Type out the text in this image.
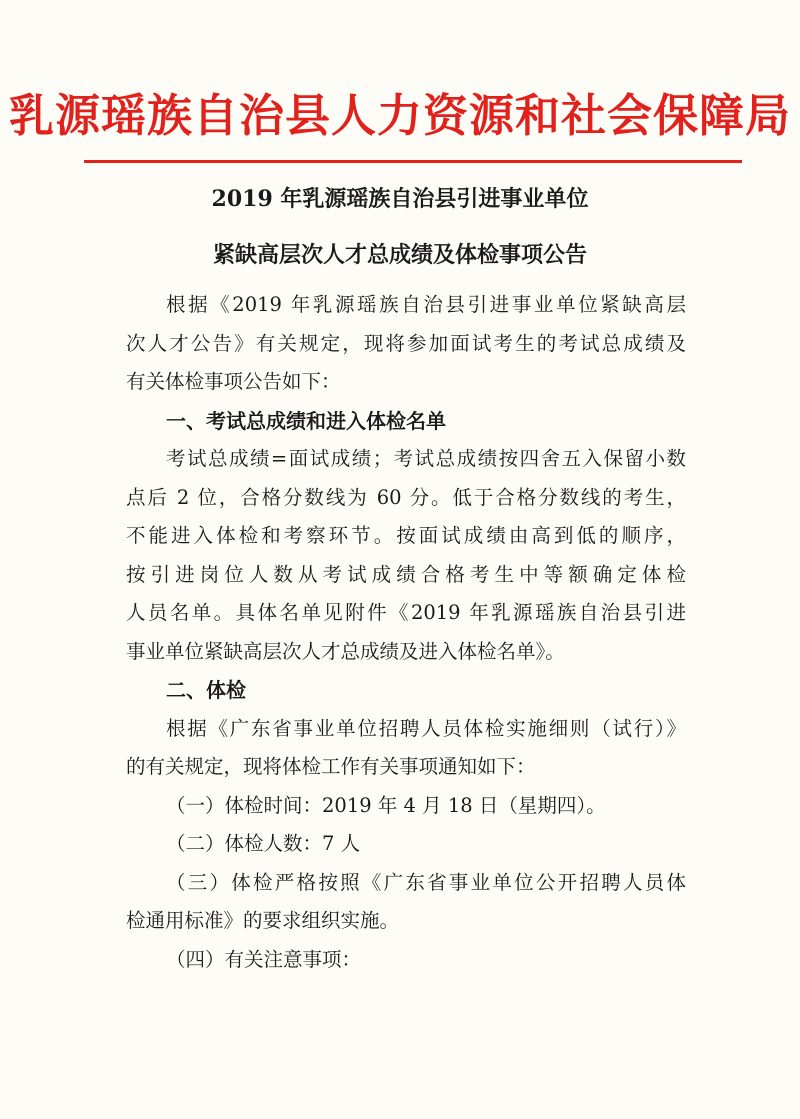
乳源瑶族自治县人力资源和社会保障局
2019 年乳源瑶族自治县引进事业单位
紧缺高层次人才总成绩及体检事项公告

根据《2019 年乳源瑶族自治县引进事业单位紧缺高层

次人才公告》有关规定，现将参加面试考生的考试总成绩及

有关体检事项公告如下：

一、考试总成绩和进入体检名单

考试总成绩=面试成绩；考试总成绩按四舍五入保留小数

点后 2 位，合格分数线为 60 分。低于合格分数线的考生，

不能进入体检和考察环节。按面试成绩由高到低的顺序，

按引进岗位人数从考试成绩合格考生中等额确定体检

人员名单。具体名单见附件《2019 年乳源瑶族自治县引进

事业单位紧缺高层次人才总成绩及进入体检名单》。

二、体检

根据《广东省事业单位招聘人员体检实施细则（试行）》

的有关规定，现将体检工作有关事项通知如下：

（一）体检时间：2019 年 4 月 18 日（星期四）。

（二）体检人数：7 人

（三）体检严格按照《广东省事业单位公开招聘人员体

检通用标准》的要求组织实施。

（四）有关注意事项：
